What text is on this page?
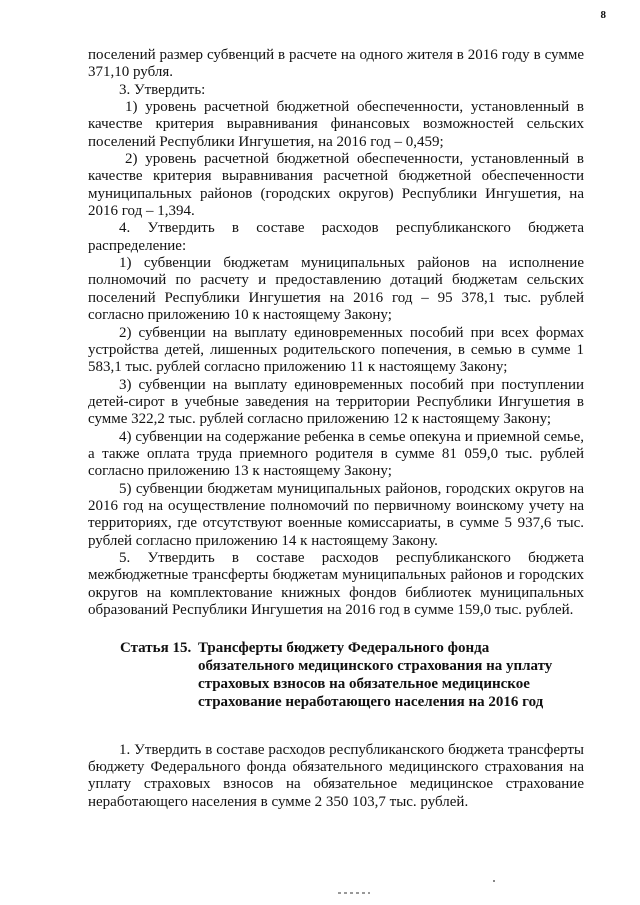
8

поселений размер субвенций в расчете на одного жителя в 2016 году в сумме 371,10 рубля.

3. Утвердить:

1) уровень расчетной бюджетной обеспеченности, установленный в качестве критерия выравнивания финансовых возможностей сельских поселений Республики Ингушетия, на 2016 год – 0,459;

2) уровень расчетной бюджетной обеспеченности, установленный в качестве критерия выравнивания расчетной бюджетной обеспеченности муниципальных районов (городских округов) Республики Ингушетия, на 2016 год – 1,394.

4. Утвердить в составе расходов республиканского бюджета распределение:

1) субвенции бюджетам муниципальных районов на исполнение полномочий по расчету и предоставлению дотаций бюджетам сельских поселений Республики Ингушетия на 2016 год – 95 378,1 тыс. рублей согласно приложению 10 к настоящему Закону;

2) субвенции на выплату единовременных пособий при всех формах устройства детей, лишенных родительского попечения, в семью в сумме 1 583,1 тыс. рублей согласно приложению 11 к настоящему Закону;

3) субвенции на выплату единовременных пособий при поступлении детей-сирот в учебные заведения на территории Республики Ингушетия в сумме 322,2 тыс. рублей согласно приложению 12 к настоящему Закону;

4) субвенции на содержание ребенка в семье опекуна и приемной семье, а также оплата труда приемного родителя в сумме 81 059,0 тыс. рублей согласно приложению 13 к настоящему Закону;

5) субвенции бюджетам муниципальных районов, городских округов на 2016 год на осуществление полномочий по первичному воинскому учету на территориях, где отсутствуют военные комиссариаты, в сумме 5 937,6 тыс. рублей согласно приложению 14 к настоящему Закону.

5. Утвердить в составе расходов республиканского бюджета межбюджетные трансферты бюджетам муниципальных районов и городских округов на комплектование книжных фондов библиотек муниципальных образований Республики Ингушетия на 2016 год в сумме 159,0 тыс. рублей.

Статья 15. Трансферты бюджету Федерального фонда обязательного медицинского страхования на уплату страховых взносов на обязательное медицинское страхование неработающего населения на 2016 год

1. Утвердить в составе расходов республиканского бюджета трансферты бюджету Федерального фонда обязательного медицинского страхования на уплату страховых взносов на обязательное медицинское страхование неработающего населения в сумме 2 350 103,7 тыс. рублей.
